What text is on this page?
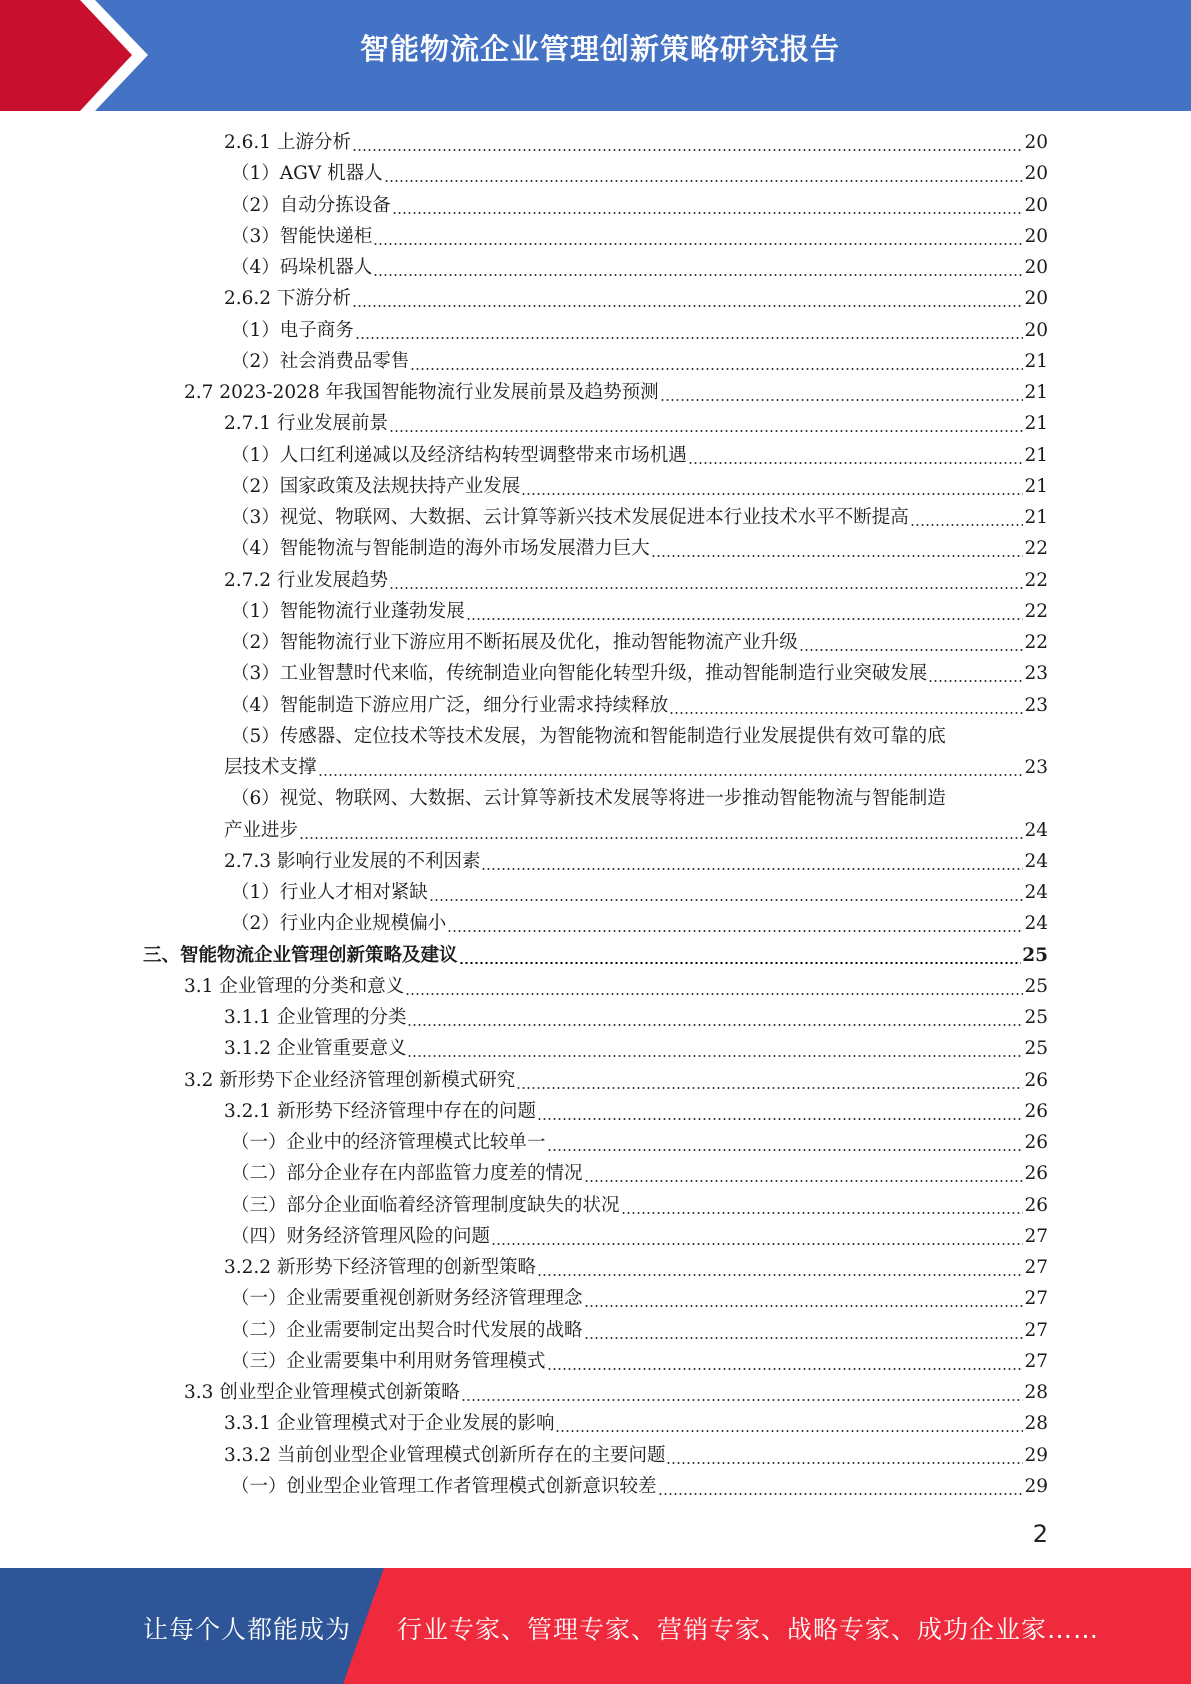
智能物流企业管理创新策略研究报告
2.6.1 上游分析	20
（1）AGV 机器人	20
（2）自动分拣设备	20
（3）智能快递柜	20
（4）码垛机器人	20
2.6.2 下游分析	20
（1）电子商务	20
（2）社会消费品零售	21
2.7 2023-2028 年我国智能物流行业发展前景及趋势预测	21
2.7.1 行业发展前景	21
（1）人口红利递减以及经济结构转型调整带来市场机遇	21
（2）国家政策及法规扶持产业发展	21
（3）视觉、物联网、大数据、云计算等新兴技术发展促进本行业技术水平不断提高	21
（4）智能物流与智能制造的海外市场发展潜力巨大	22
2.7.2 行业发展趋势	22
（1）智能物流行业蓬勃发展	22
（2）智能物流行业下游应用不断拓展及优化，推动智能物流产业升级	22
（3）工业智慧时代来临，传统制造业向智能化转型升级，推动智能制造行业突破发展	23
（4）智能制造下游应用广泛，细分行业需求持续释放	23
（5）传感器、定位技术等技术发展，为智能物流和智能制造行业发展提供有效可靠的底
层技术支撑	23
（6）视觉、物联网、大数据、云计算等新技术发展等将进一步推动智能物流与智能制造
产业进步	24
2.7.3 影响行业发展的不利因素	24
（1）行业人才相对紧缺	24
（2）行业内企业规模偏小	24
三、智能物流企业管理创新策略及建议	25
3.1 企业管理的分类和意义	25
3.1.1 企业管理的分类	25
3.1.2 企业管重要意义	25
3.2 新形势下企业经济管理创新模式研究	26
3.2.1 新形势下经济管理中存在的问题	26
（一）企业中的经济管理模式比较单一	26
（二）部分企业存在内部监管力度差的情况	26
（三）部分企业面临着经济管理制度缺失的状况	26
（四）财务经济管理风险的问题	27
3.2.2 新形势下经济管理的创新型策略	27
（一）企业需要重视创新财务经济管理理念	27
（二）企业需要制定出契合时代发展的战略	27
（三）企业需要集中利用财务管理模式	27
3.3 创业型企业管理模式创新策略	28
3.3.1 企业管理模式对于企业发展的影响	28
3.3.2 当前创业型企业管理模式创新所存在的主要问题	29
（一）创业型企业管理工作者管理模式创新意识较差	29
2
让每个人都能成为 行业专家、管理专家、营销专家、战略专家、成功企业家……
